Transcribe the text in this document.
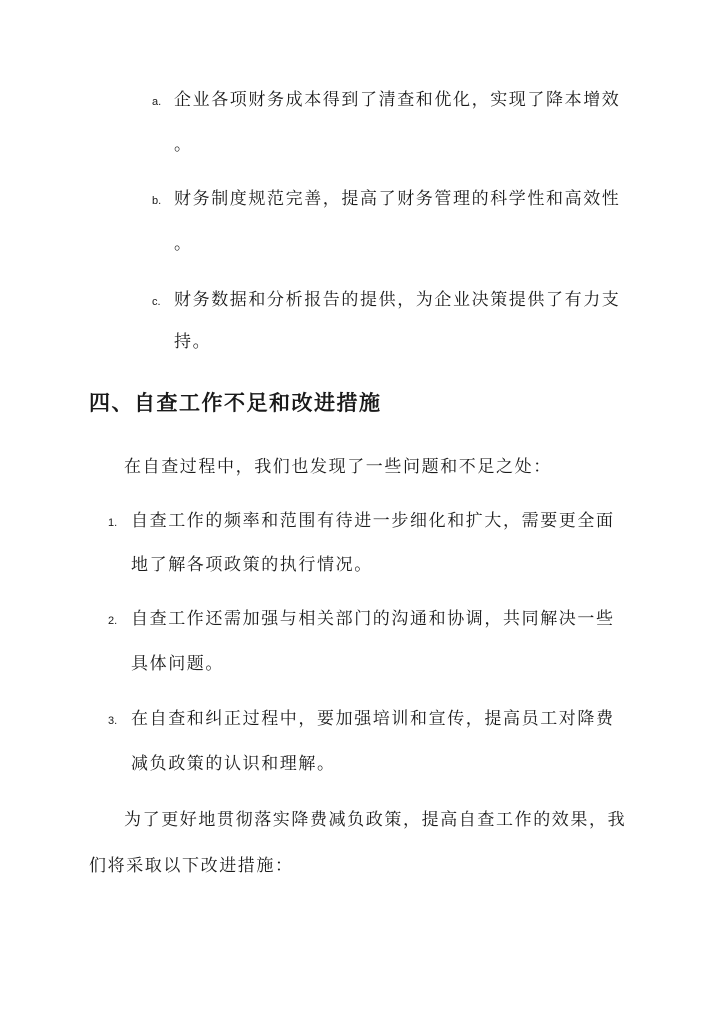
a. 企业各项财务成本得到了清查和优化，实现了降本增效
。
b. 财务制度规范完善，提高了财务管理的科学性和高效性
。
c. 财务数据和分析报告的提供，为企业决策提供了有力支
持。
四、自查工作不足和改进措施
在自查过程中，我们也发现了一些问题和不足之处：
1. 自查工作的频率和范围有待进一步细化和扩大，需要更全面
地了解各项政策的执行情况。
2. 自查工作还需加强与相关部门的沟通和协调，共同解决一些
具体问题。
3. 在自查和纠正过程中，要加强培训和宣传，提高员工对降费
减负政策的认识和理解。
为了更好地贯彻落实降费减负政策，提高自查工作的效果，我
们将采取以下改进措施：
